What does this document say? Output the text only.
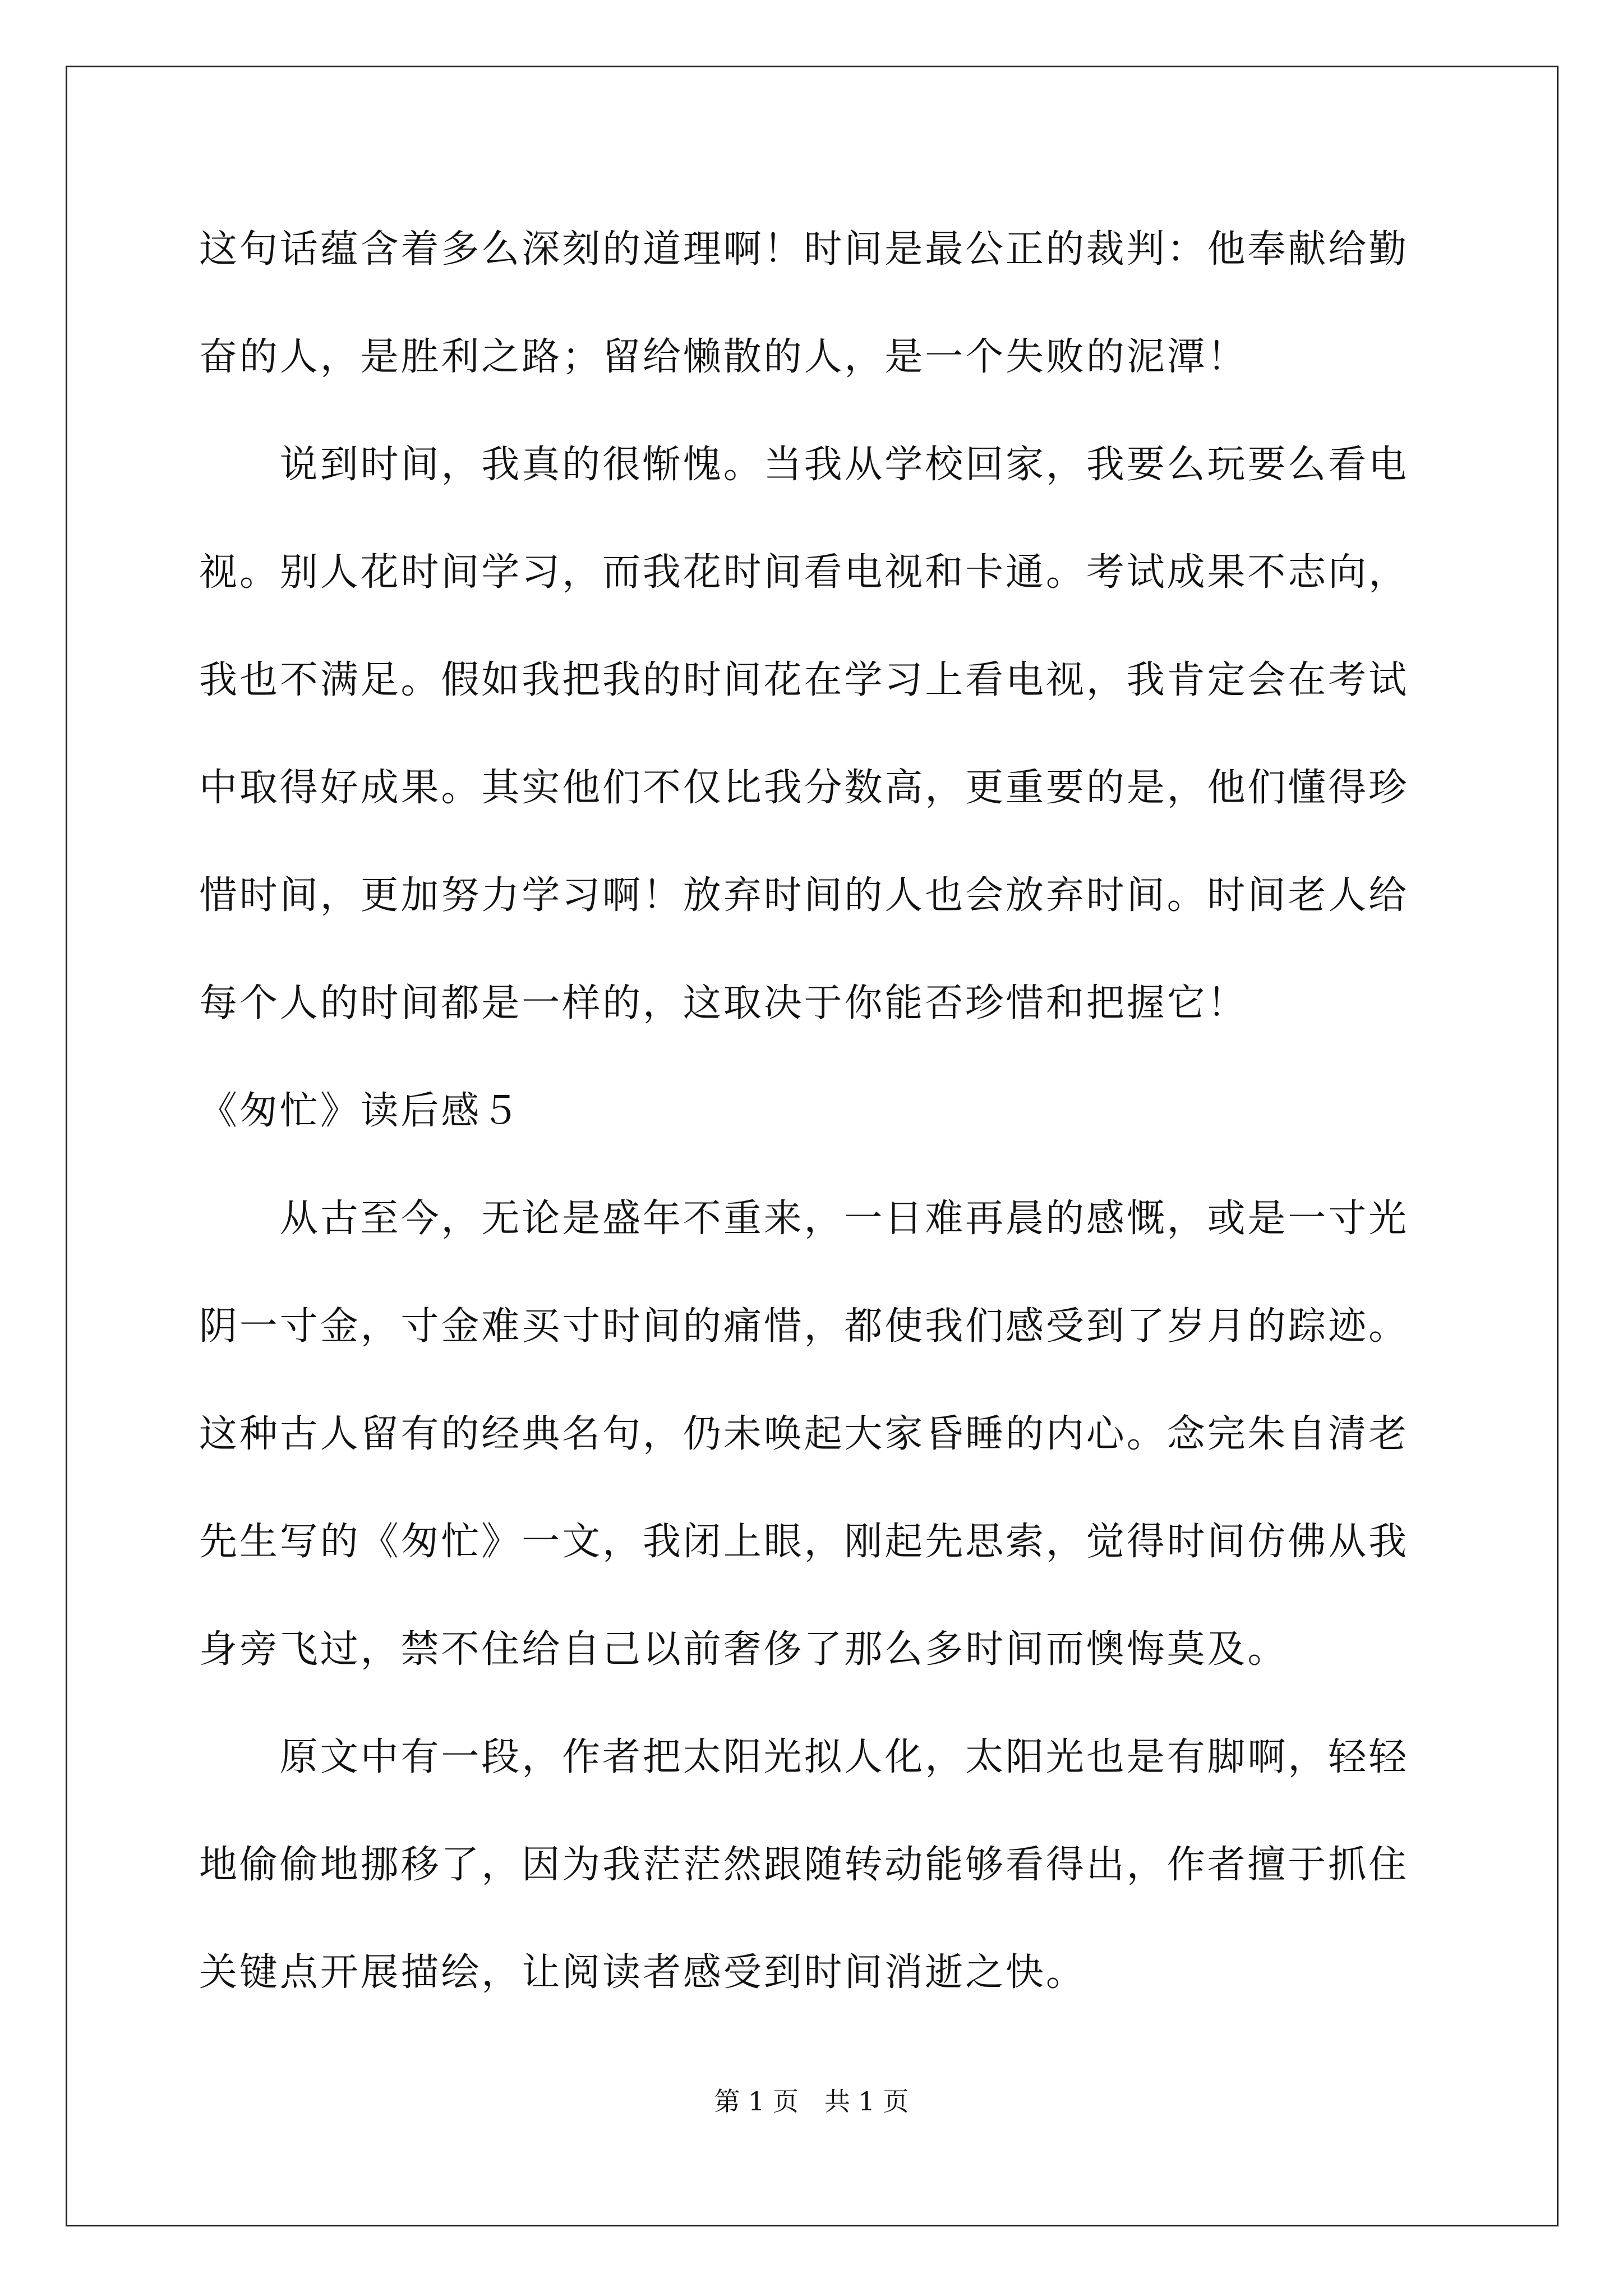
这句话蕴含着多么深刻的道理啊！时间是最公正的裁判：他奉献给勤
奋的人，是胜利之路；留给懒散的人，是一个失败的泥潭！
　　说到时间，我真的很惭愧。当我从学校回家，我要么玩要么看电
视。别人花时间学习，而我花时间看电视和卡通。考试成果不志向，
我也不满足。假如我把我的时间花在学习上看电视，我肯定会在考试
中取得好成果。其实他们不仅比我分数高，更重要的是，他们懂得珍
惜时间，更加努力学习啊！放弃时间的人也会放弃时间。时间老人给
每个人的时间都是一样的，这取决于你能否珍惜和把握它！
《匆忙》读后感５
　　从古至今，无论是盛年不重来，一日难再晨的感慨，或是一寸光
阴一寸金，寸金难买寸时间的痛惜，都使我们感受到了岁月的踪迹。
这种古人留有的经典名句，仍未唤起大家昏睡的内心。念完朱自清老
先生写的《匆忙》一文，我闭上眼，刚起先思索，觉得时间仿佛从我
身旁飞过，禁不住给自己以前奢侈了那么多时间而懊悔莫及。
　　原文中有一段，作者把太阳光拟人化，太阳光也是有脚啊，轻轻
地偷偷地挪移了，因为我茫茫然跟随转动能够看得出，作者擅于抓住
关键点开展描绘，让阅读者感受到时间消逝之快。
第 1 页　共 1 页
